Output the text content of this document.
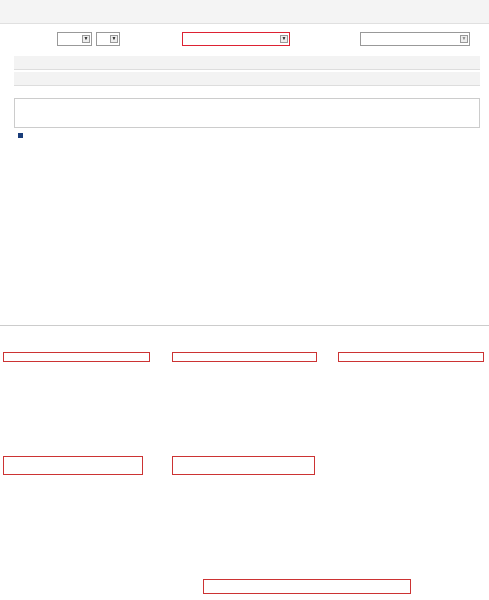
▼	▼	▼	▼
